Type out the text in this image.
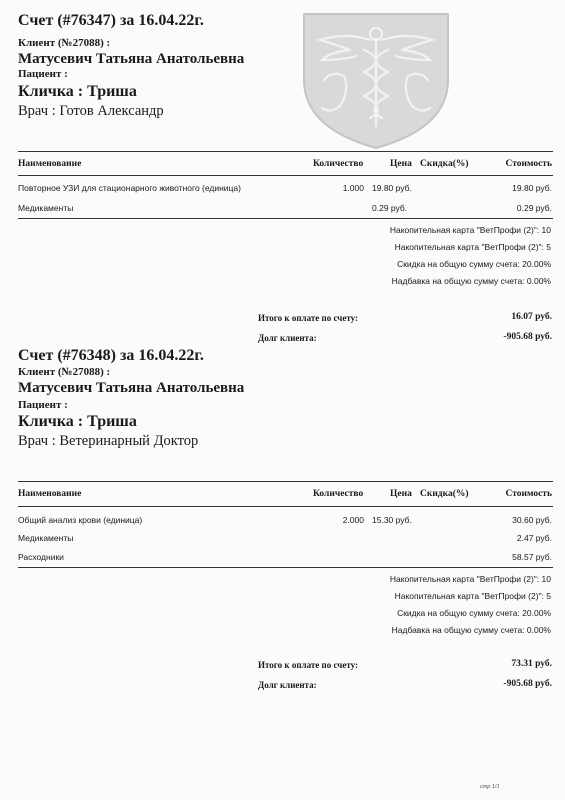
Счет (#76347) за 16.04.22г.
Клиент (№27088) :
Матусевич Татьяна Анатольевна
Пациент :
Кличка : Триша
Врач : Готов Александр
Наименование	Количество	Цена Скидка(%)	Стоимость
Повторное УЗИ для стационарного животного (единица)	1.000 19.80 руб.	19.80 руб.
Медикаменты	0.29 руб.	0.29 руб.
Накопительная карта "ВетПрофи (2)": 10
Накопительная карта "ВетПрофи (2)": 5
Скидка на общую сумму счета: 20.00%
Надбавка на общую сумму счета: 0.00%
Итого к оплате по счету:	16.07 руб.
Долг клиента:	-905.68 руб.
Счет (#76348) за 16.04.22г.
Клиент (№27088) :
Матусевич Татьяна Анатольевна
Пациент :
Кличка : Триша
Врач : Ветеринарный Доктор
Наименование	Количество	Цена Скидка(%)	Стоимость
Общий анализ крови (единица)	2.000 15.30 руб.	30.60 руб.
Медикаменты	2.47 руб.
Расходники	58.57 руб.
Накопительная карта "ВетПрофи (2)": 10
Накопительная карта "ВетПрофи (2)": 5
Скидка на общую сумму счета: 20.00%
Надбавка на общую сумму счета: 0.00%
Итого к оплате по счету:	73.31 руб.
Долг клиента:	-905.68 руб.
стр 1/1
